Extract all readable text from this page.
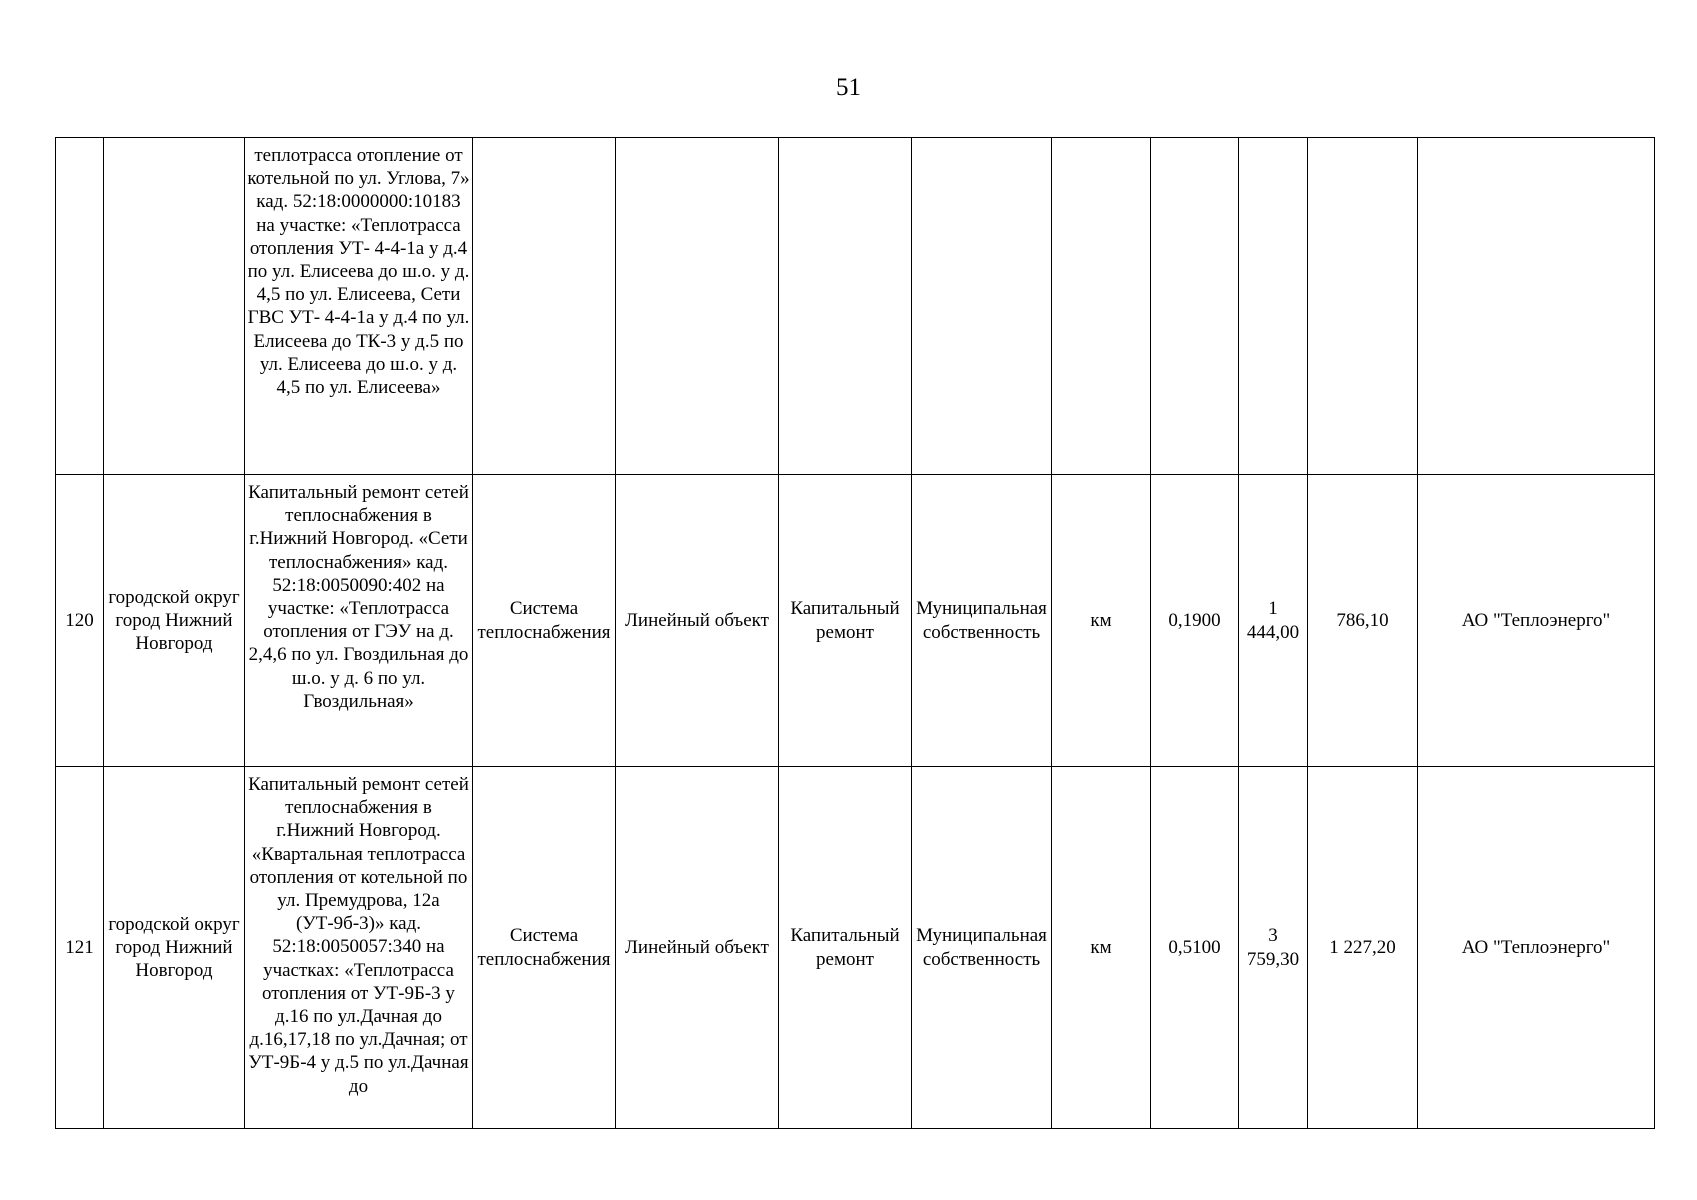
51
		теплотрасса отопление от котельной по ул. Углова, 7» кад. 52:18:0000000:10183 на участке: «Теплотрасса отопления УТ- 4-4-1а у д.4 по ул. Елисеева до ш.о. у д. 4,5 по ул. Елисеева, Сети ГВС УТ- 4-4-1а у д.4 по ул. Елисеева до ТК-3 у д.5 по ул. Елисеева до ш.о. у д. 4,5 по ул. Елисеева»									
120	городской округ город Нижний Новгород	Капитальный ремонт сетей теплоснабжения в г.Нижний Новгород. «Сети теплоснабжения» кад. 52:18:0050090:402 на участке: «Теплотрасса отопления от ГЭУ на д. 2,4,6 по ул. Гвоздильная до ш.о. у д. 6 по ул. Гвоздильная»	Система теплоснабжения	Линейный объект	Капитальный ремонт	Муниципальная собственность	км	0,1900	1 444,00	786,10	АО "Теплоэнерго"
121	городской округ город Нижний Новгород	Капитальный ремонт сетей теплоснабжения в г.Нижний Новгород. «Квартальная теплотрасса отопления от котельной по ул. Премудрова, 12а (УТ-9б-3)» кад. 52:18:0050057:340 на участках: «Теплотрасса отопления от УТ-9Б-3 у д.16 по ул.Дачная до д.16,17,18 по ул.Дачная; от УТ-9Б-4 у д.5 по ул.Дачная до	Система теплоснабжения	Линейный объект	Капитальный ремонт	Муниципальная собственность	км	0,5100	3 759,30	1 227,20	АО "Теплоэнерго"
